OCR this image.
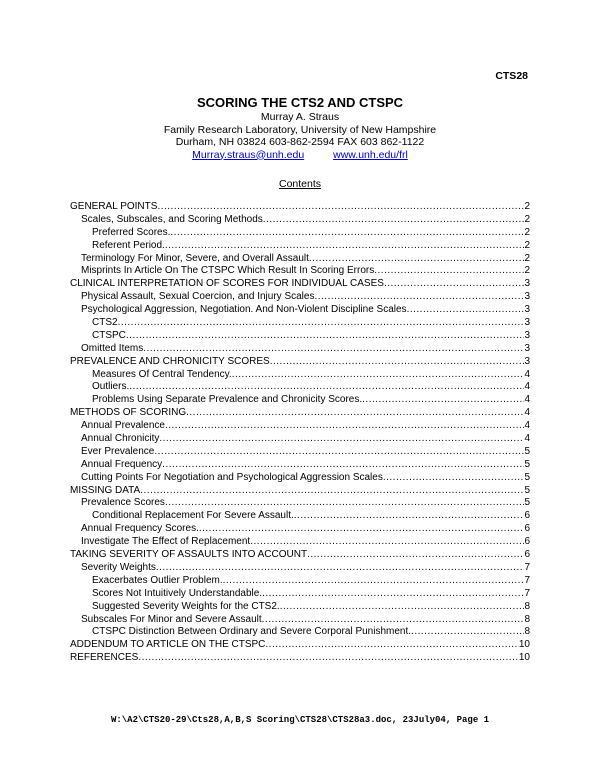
CTS28
SCORING THE CTS2 AND CTSPC
Murray A. Straus
Family Research Laboratory, University of New Hampshire
Durham, NH 03824 603-862-2594 FAX 603 862-1122
Murray.straus@unh.edu	www.unh.edu/frl
Contents
GENERAL POINTS .....	2
Scales, Subscales, and Scoring Methods .....	2
Preferred Scores. .....	2
Referent Period. .....	2
Terminology For Minor, Severe, and Overall Assault .....	2
Misprints In Article On The CTSPC Which Result In Scoring Errors .....	2
CLINICAL INTERPRETATION OF SCORES FOR INDIVIDUAL CASES .....	3
Physical Assault, Sexual Coercion, and Injury Scales .....	3
Psychological Aggression, Negotiation. And Non-Violent Discipline Scales .....	3
CTS2 .....	3
CTSPC .....	3
Omitted Items .....	3
PREVALENCE AND CHRONICITY SCORES .....	3
Measures Of Central Tendency. .....	4
Outliers. .....	4
Problems Using Separate Prevalence and Chronicity Scores. .....	4
METHODS OF SCORING .....	4
Annual Prevalence .....	4
Annual Chronicity .....	4
Ever Prevalence .....	5
Annual Frequency .....	5
Cutting Points For Negotiation and Psychological Aggression Scales .....	5
MISSING DATA .....	5
Prevalence Scores .....	5
Conditional Replacement For Severe Assault. .....	6
Annual Frequency Scores. .....	6
Investigate The Effect of Replacement .....	6
TAKING SEVERITY OF ASSAULTS INTO ACCOUNT .....	6
Severity Weights .....	7
Exacerbates Outlier Problem. .....	7
Scores Not Intuitively Understandable. .....	7
Suggested Severity Weights for the CTS2. .....	8
Subscales For Minor and Severe Assault .....	8
CTSPC Distinction Between Ordinary and Severe Corporal Punishment. .....	8
ADDENDUM TO ARTICLE ON THE CTSPC .....	10
REFERENCES .....	10
W:\A2\CTS20-29\Cts28,A,B,S Scoring\CTS28\CTS28a3.doc, 23July04, Page 1
